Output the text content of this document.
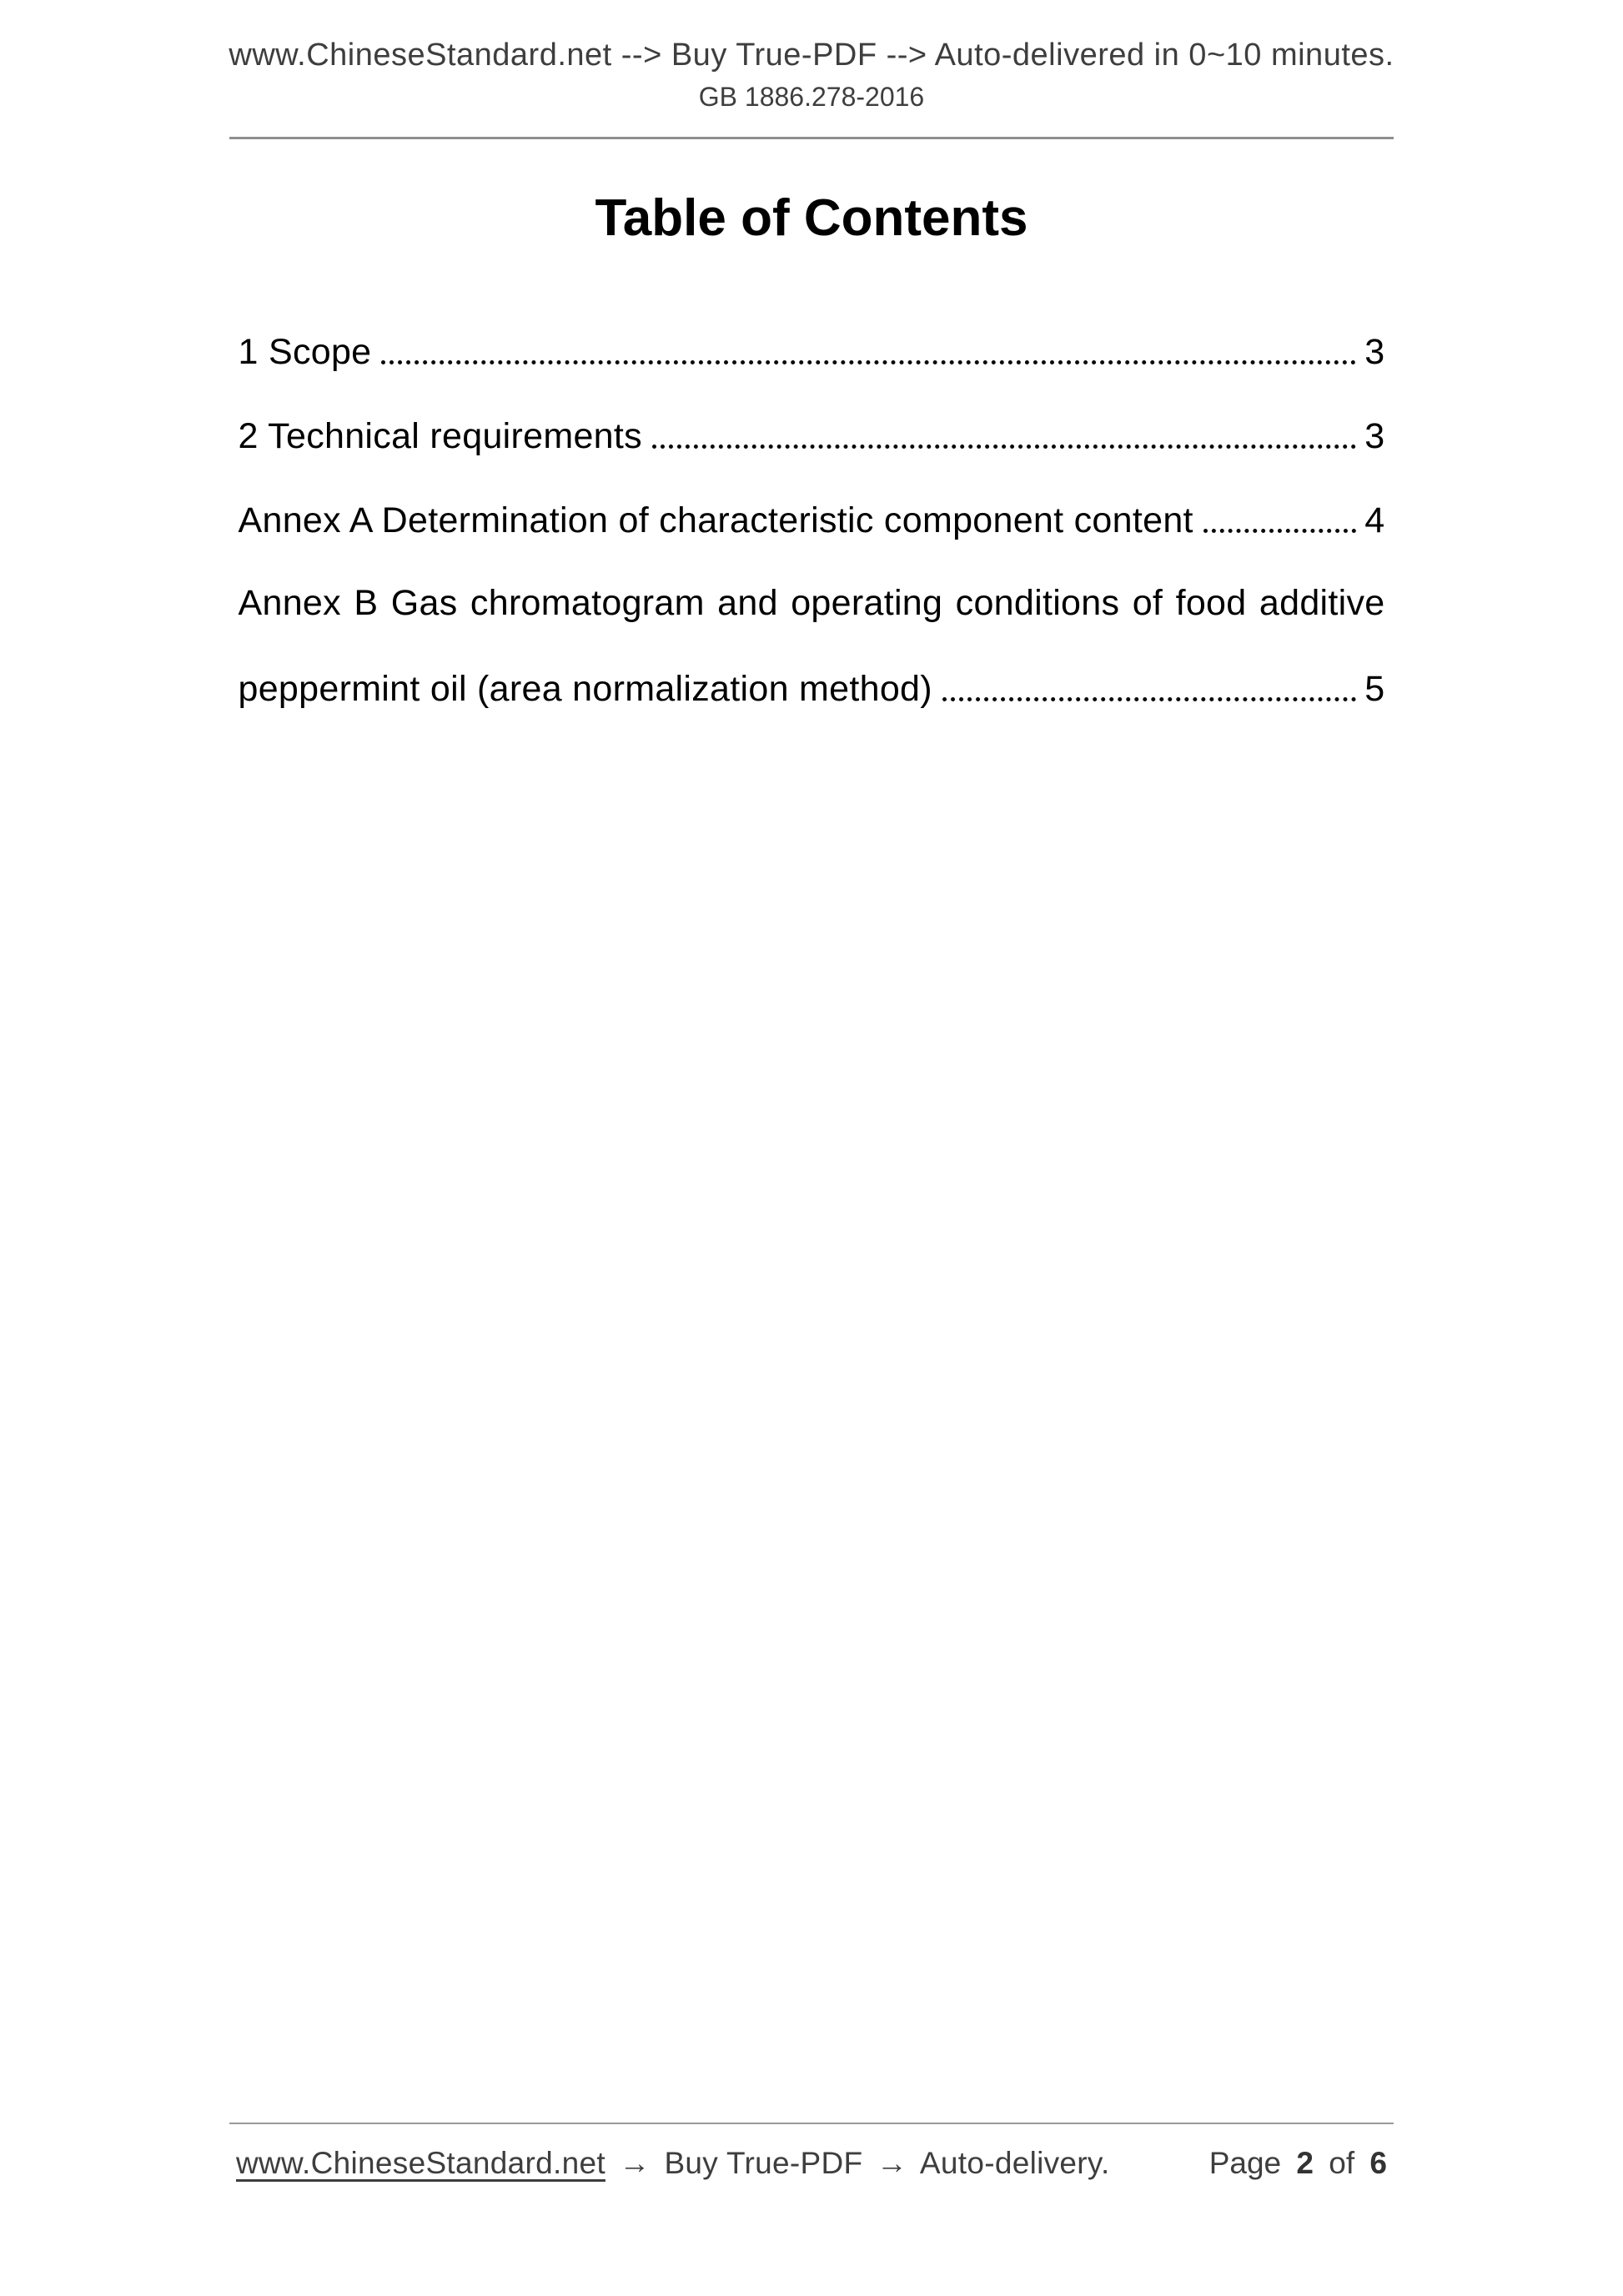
www.ChineseStandard.net --> Buy True-PDF --> Auto-delivered in 0~10 minutes.
GB 1886.278-2016
Table of Contents
1 Scope	3
2 Technical requirements	3
Annex A Determination of characteristic component content	4
Annex B Gas chromatogram and operating conditions of food additive
peppermint oil (area normalization method)	5
www.ChineseStandard.net → Buy True-PDF → Auto-delivery.	Page 2 of 6
